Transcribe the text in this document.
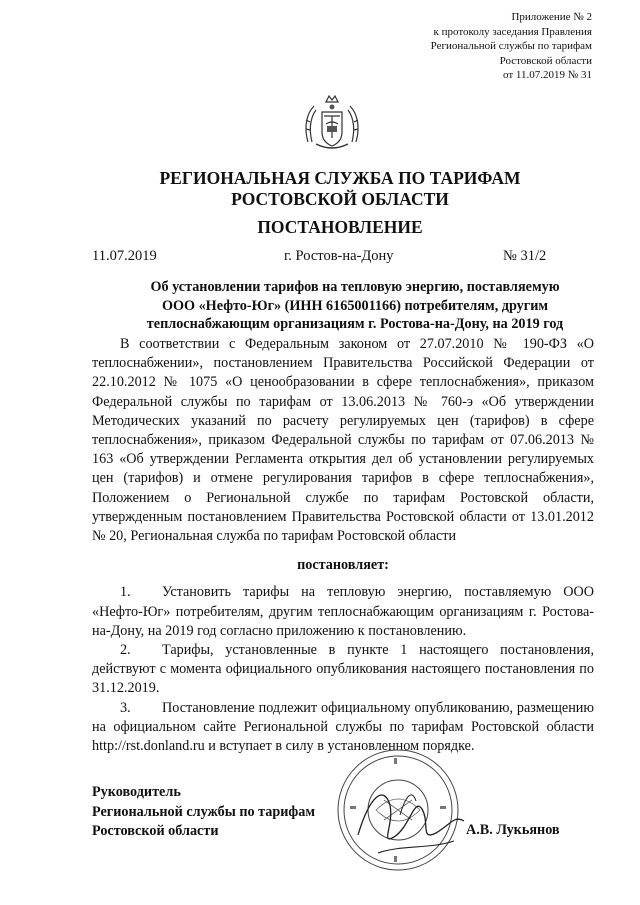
Приложение № 2
к протоколу заседания Правления
Региональной службы по тарифам
Ростовской области
от 11.07.2019 № 31
РЕГИОНАЛЬНАЯ СЛУЖБА ПО ТАРИФАМ
РОСТОВСКОЙ ОБЛАСТИ
ПОСТАНОВЛЕНИЕ
11.07.2019	г. Ростов-на-Дону	№ 31/2
Об установлении тарифов на тепловую энергию, поставляемую
ООО «Нефто-Юг» (ИНН 6165001166) потребителям, другим
теплоснабжающим организациям г. Ростова-на-Дону, на 2019 год

В соответствии с Федеральным законом от 27.07.2010 № 190-ФЗ «О теплоснабжении», постановлением Правительства Российской Федерации от 22.10.2012 № 1075 «О ценообразовании в сфере теплоснабжения», приказом Федеральной службы по тарифам от 13.06.2013 № 760-э «Об утверждении Методических указаний по расчету регулируемых цен (тарифов) в сфере теплоснабжения», приказом Федеральной службы по тарифам от 07.06.2013 № 163 «Об утверждении Регламента открытия дел об установлении регулируемых цен (тарифов) и отмене регулирования тарифов в сфере теплоснабжения», Положением о Региональной службе по тарифам Ростовской области, утвержденным постановлением Правительства Ростовской области от 13.01.2012 № 20, Региональная служба по тарифам Ростовской области

постановляет:

1. Установить тарифы на тепловую энергию, поставляемую ООО «Нефто-Юг» потребителям, другим теплоснабжающим организациям г. Ростова-на-Дону, на 2019 год согласно приложению к постановлению.

2. Тарифы, установленные в пункте 1 настоящего постановления, действуют с момента официального опубликования настоящего постановления по 31.12.2019.

3. Постановление подлежит официальному опубликованию, размещению на официальном сайте Региональной службы по тарифам Ростовской области http://rst.donland.ru и вступает в силу в установленном порядке.

Руководитель
Региональной службы по тарифам
Ростовской области	А.В. Лукьянов
